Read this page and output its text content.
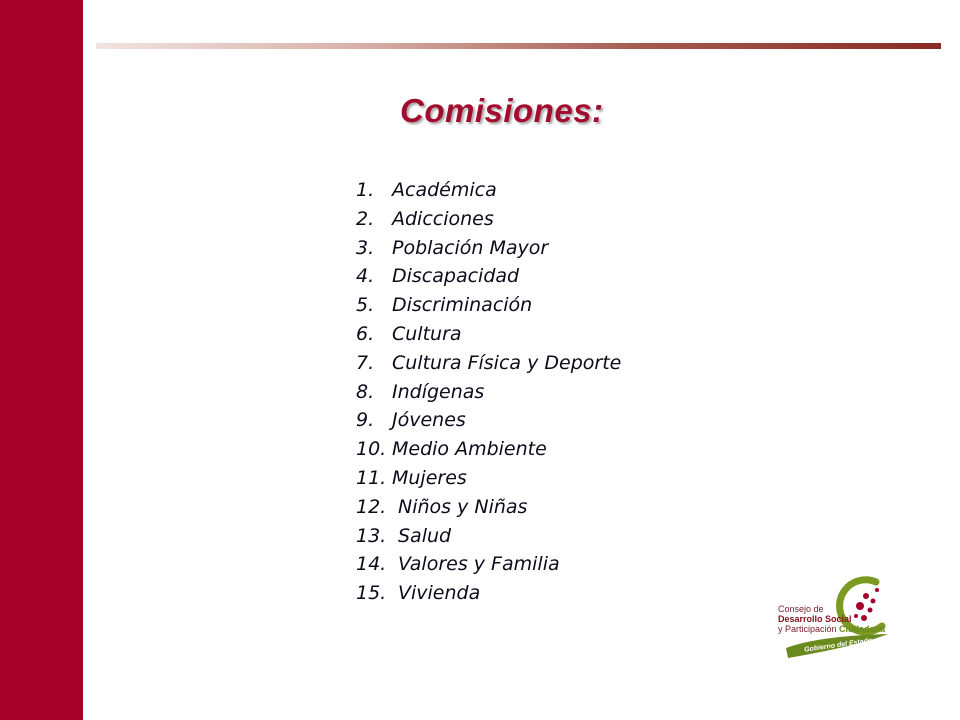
Comisiones:
1. Académica
2. Adicciones
3. Población Mayor
4. Discapacidad
5. Discriminación
6. Cultura
7. Cultura Física y Deporte
8. Indígenas
9. Jóvenes
10. Medio Ambiente
11. Mujeres
12. Niños y Niñas
13. Salud
14. Valores y Familia
15. Vivienda
Consejo de
Desarrollo Social
y Participación Ciudadana
Gobierno del Estado
